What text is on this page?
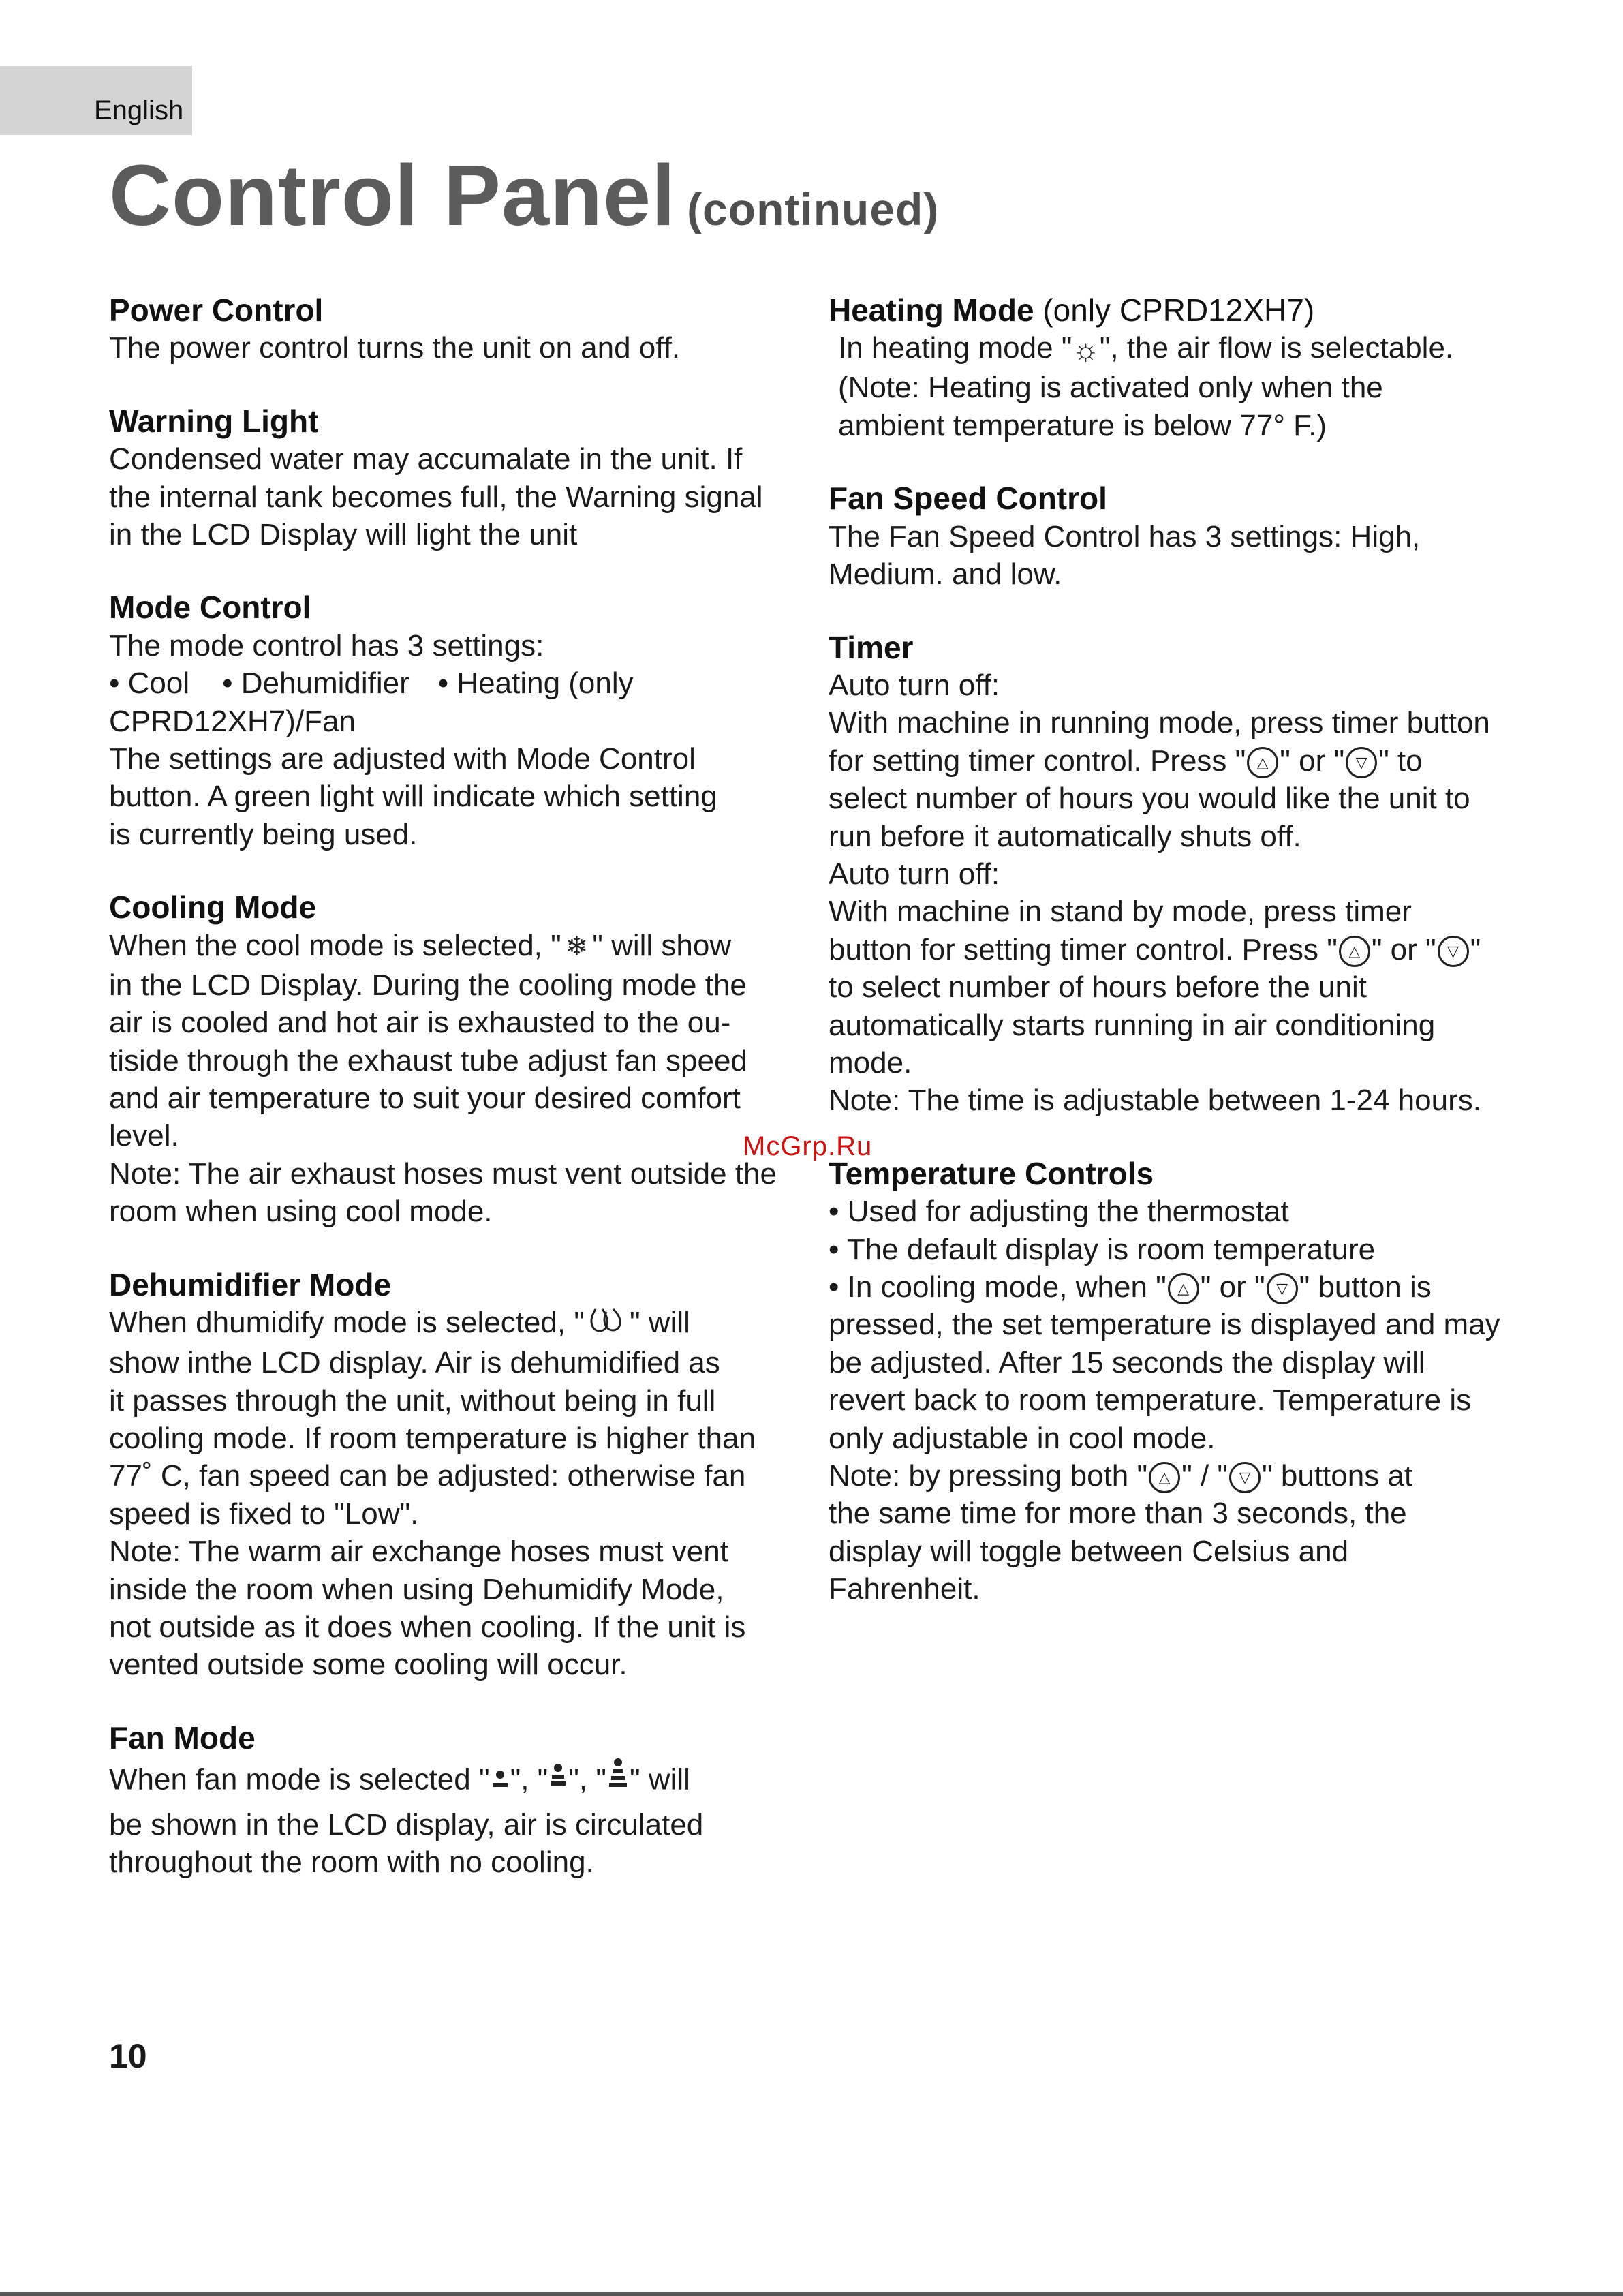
English
Control Panel (continued)

Power Control

The power control turns the unit on and off.

Warning Light

Condensed water may accumalate in the unit. If

the internal tank becomes full, the Warning signal

in the LCD Display will light the unit

Mode Control

The mode control has 3 settings:

• Cool • Dehumidifier • Heating (only

CPRD12XH7)/Fan

The settings are adjusted with Mode Control

button. A green light will indicate which setting

is currently being used.

Cooling Mode

When the cool mode is selected, " ❄ " will show

in the LCD Display. During the cooling mode the

air is cooled and hot air is exhausted to the ou-

tiside through the exhaust tube adjust fan speed

and air temperature to suit your desired comfort

level.

Note: The air exhaust hoses must vent outside the

room when using cool mode.

Dehumidifier Mode

When dhumidify mode is selected, " " will

show inthe LCD display. Air is dehumidified as

it passes through the unit, without being in full

cooling mode. If room temperature is higher than

77˚ C, fan speed can be adjusted: otherwise fan

speed is fixed to "Low".

Note: The warm air exchange hoses must vent

inside the room when using Dehumidify Mode,

not outside as it does when cooling. If the unit is

vented outside some cooling will occur.

Fan Mode

When fan mode is selected " ", " ", " " will

be shown in the LCD display, air is circulated

throughout the room with no cooling.

Heating Mode (only CPRD12XH7)

In heating mode "☼", the air flow is selectable.

(Note: Heating is activated only when the

ambient temperature is below 77° F.)

Fan Speed Control

The Fan Speed Control has 3 settings: High,

Medium. and low.

Timer

Auto turn off:

With machine in running mode, press timer button

for setting timer control. Press " △ " or " ▽ " to

select number of hours you would like the unit to

run before it automatically shuts off.

Auto turn off:

With machine in stand by mode, press timer

button for setting timer control. Press " △ " or " ▽ "

to select number of hours before the unit

automatically starts running in air conditioning

mode.

Note: The time is adjustable between 1-24 hours.

Temperature Controls

• Used for adjusting the thermostat

• The default display is room temperature

• In cooling mode, when " △ " or " ▽ " button is

pressed, the set temperature is displayed and may

be adjusted. After 15 seconds the display will

revert back to room temperature. Temperature is

only adjustable in cool mode.

Note: by pressing both " △ " / " ▽ " buttons at

the same time for more than 3 seconds, the

display will toggle between Celsius and

Fahrenheit.

McGrp.Ru
10
